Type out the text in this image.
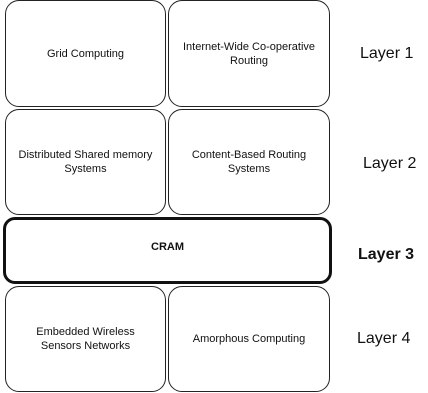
Grid Computing
Internet-Wide Co-operative
Routing	Layer 1
Distributed Shared memory
Systems
Content-Based Routing
Systems	Layer 2
CRAM	Layer 3
Embedded Wireless
Sensors Networks
Amorphous Computing	Layer 4
